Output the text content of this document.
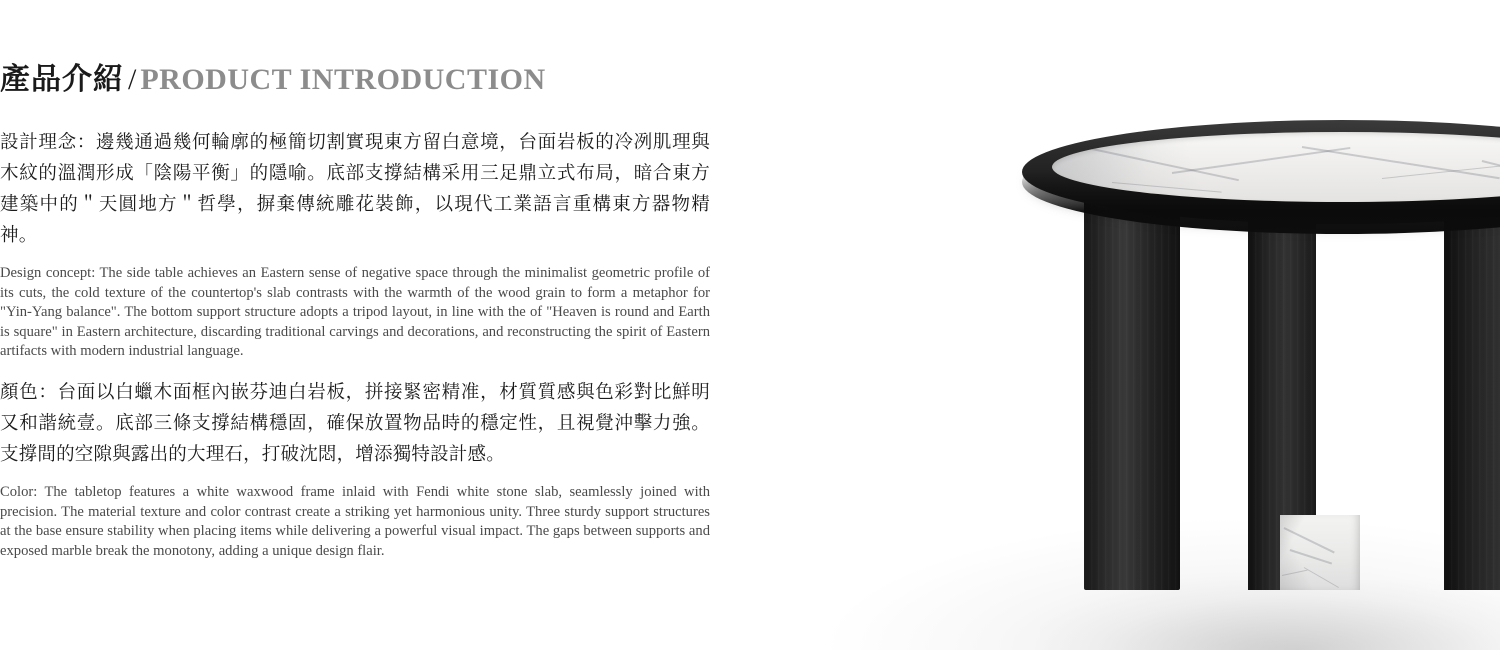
產品介紹 / PRODUCT INTRODUCTION

設計理念：邊幾通過幾何輪廓的極簡切割實現東方留白意境，台面岩板的冷冽肌理與木紋的溫潤形成「陰陽平衡」的隱喻。底部支撐結構采用三足鼎立式布局，暗合東方建築中的＂天圓地方＂哲學，摒棄傳統雕花裝飾，以現代工業語言重構東方器物精神。

Design concept: The side table achieves an Eastern sense of negative space through the minimalist geometric profile of its cuts, the cold texture of the countertop's slab contrasts with the warmth of the wood grain to form a metaphor for "Yin-Yang balance". The bottom support structure adopts a tripod layout, in line with the of "Heaven is round and Earth is square" in Eastern architecture, discarding traditional carvings and decorations, and reconstructing the spirit of Eastern artifacts with modern industrial language.

顏色：台面以白蠟木面框內嵌芬迪白岩板，拼接緊密精准，材質質感與色彩對比鮮明又和諧統壹。底部三條支撐結構穩固，確保放置物品時的穩定性，且視覺沖擊力強。支撐間的空隙與露出的大理石，打破沈悶，增添獨特設計感。

Color: The tabletop features a white waxwood frame inlaid with Fendi white stone slab, seamlessly joined with precision. The material texture and color contrast create a striking yet harmonious unity. Three sturdy support structures at the base ensure stability when placing items while delivering a powerful visual impact. The gaps between supports and exposed marble break the monotony, adding a unique design flair.
